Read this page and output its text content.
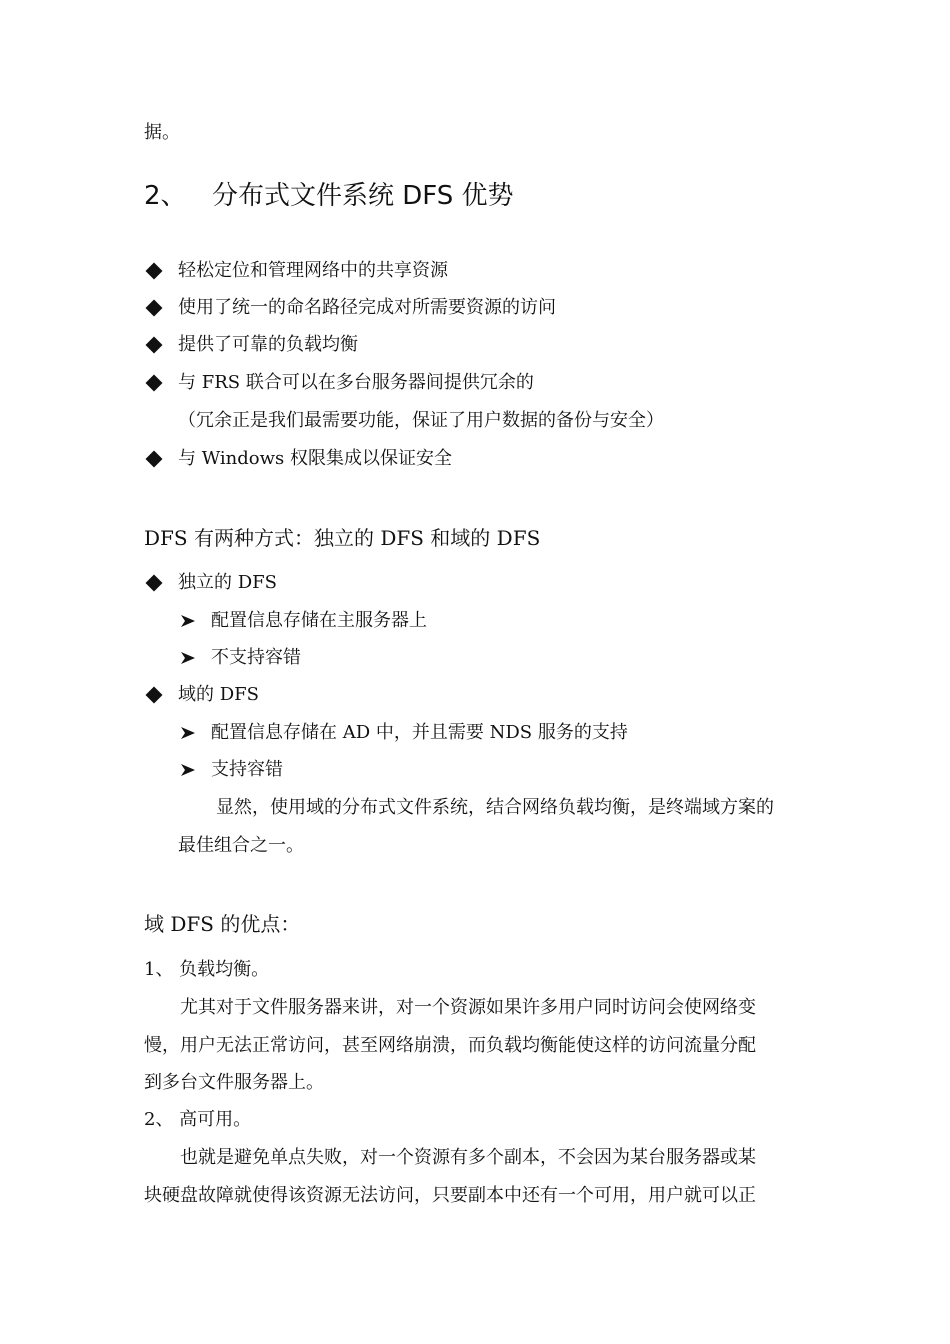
据。
2、 分布式文件系统 DFS 优势
轻松定位和管理网络中的共享资源
使用了统一的命名路径完成对所需要资源的访问
提供了可靠的负载均衡
与 FRS 联合可以在多台服务器间提供冗余的
（冗余正是我们最需要功能，保证了用户数据的备份与安全）
与 Windows 权限集成以保证安全
DFS 有两种方式：独立的 DFS 和域的 DFS
独立的 DFS
配置信息存储在主服务器上
不支持容错
域的 DFS
配置信息存储在 AD 中，并且需要 NDS 服务的支持
支持容错
显然，使用域的分布式文件系统，结合网络负载均衡，是终端域方案的
最佳组合之一。
域 DFS 的优点：
1、 负载均衡。
尤其对于文件服务器来讲，对一个资源如果许多用户同时访问会使网络变
慢，用户无法正常访问，甚至网络崩溃，而负载均衡能使这样的访问流量分配
到多台文件服务器上。
2、 高可用。
也就是避免单点失败，对一个资源有多个副本，不会因为某台服务器或某
块硬盘故障就使得该资源无法访问，只要副本中还有一个可用，用户就可以正
